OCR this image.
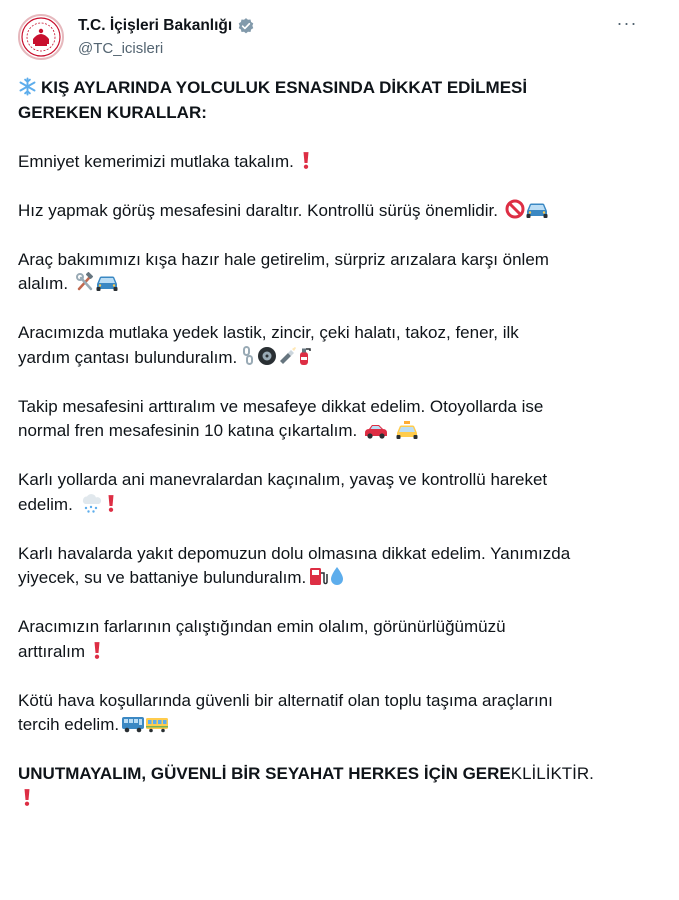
T.C. İçişleri Bakanlığı
@TC_icisleri
···
KIŞ AYLARINDA YOLCULUK ESNASINDA DİKKAT EDİLMESİ
GEREKEN KURALLAR:
Emniyet kemerimizi mutlaka takalım.
Hız yapmak görüş mesafesini daraltır. Kontrollü sürüş önemlidir.
Araç bakımımızı kışa hazır hale getirelim, sürpriz arızalara karşı önlem
alalım.
Aracımızda mutlaka yedek lastik, zincir, çeki halatı, takoz, fener, ilk
yardım çantası bulunduralım.
Takip mesafesini arttıralım ve mesafeye dikkat edelim. Otoyollarda ise
normal fren mesafesinin 10 katına çıkartalım.

Karlı yollarda ani manevralardan kaçınalım, yavaş ve kontrollü hareket
edelim.
Karlı havalarda yakıt depomuzun dolu olmasına dikkat edelim. Yanımızda
yiyecek, su ve battaniye bulunduralım.
Aracımızın farlarının çalıştığından emin olalım, görünürlüğümüzü
arttıralım
Kötü hava koşullarında güvenli bir alternatif olan toplu taşıma araçlarını
tercih edelim.
UNUTMAYALIM, GÜVENLİ BİR SEYAHAT HERKES İÇİN GEREKLİLİKTİR.
